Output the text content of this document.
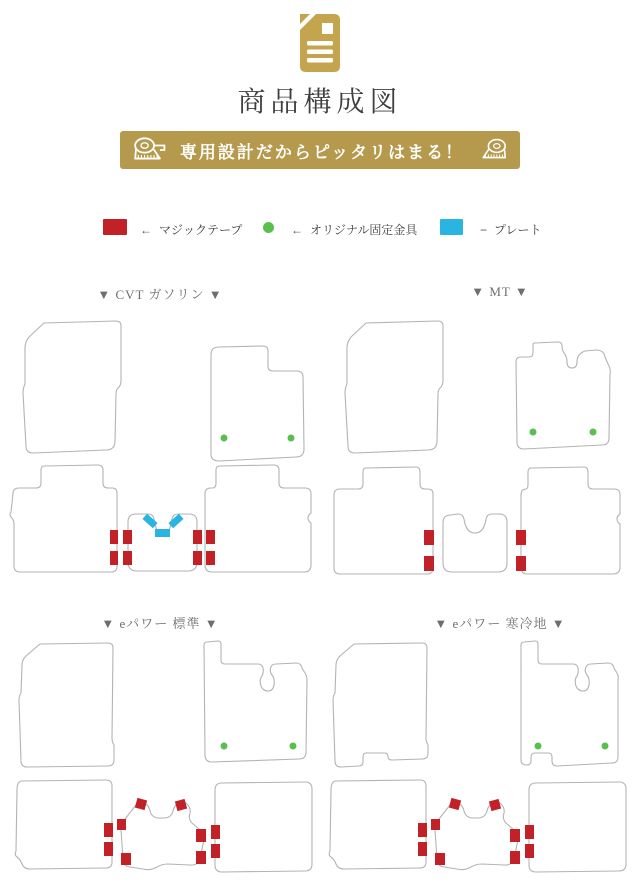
商品構成図
専用設計だからピッタリはまる！
← マジックテープ	← オリジナル固定金具	− プレート
▼ CVT ガソリン ▼	▼ MT ▼
▼ eパワー 標準 ▼	▼ eパワー 寒冷地 ▼
